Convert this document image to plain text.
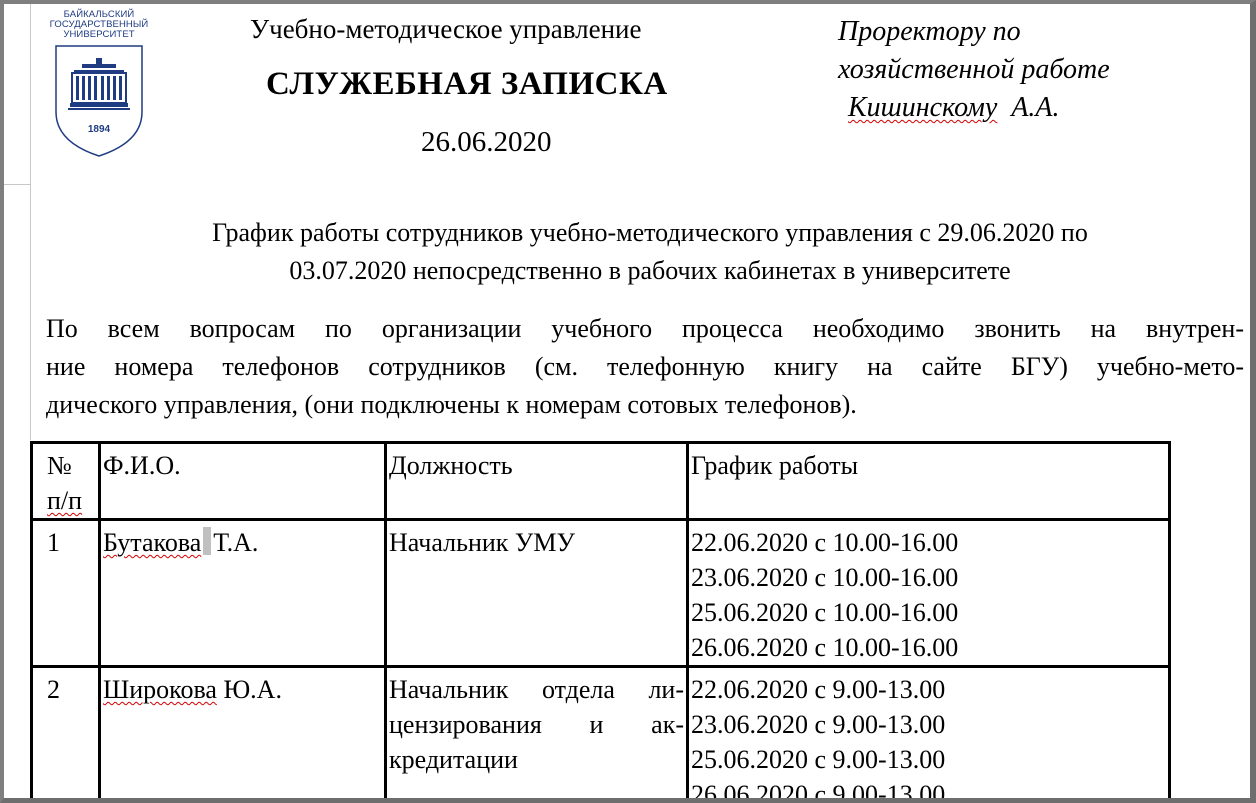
БАЙКАЛЬСКИЙ
ГОСУДАРСТВЕННЫЙ
УНИВЕРСИТЕТ
1894
Учебно-методическое управление
СЛУЖЕБНАЯ ЗАПИСКА
26.06.2020
Проректору по
хозяйственной работе
Кишинскому А.А.
График работы сотрудников учебно-методического управления с 29.06.2020 по
03.07.2020 непосредственно в рабочих кабинетах в университете
По всем вопросам по организации учебного процесса необходимо звонить на внутрен-
ние номера телефонов сотрудников (см. телефонную книгу на сайте БГУ) учебно-мето-
дического управления, (они подключены к номерам сотовых телефонов).
№
п/п	Ф.И.О.	Должность	График работы
1	Бутакова Т.А.	Начальник УМУ	22.06.2020 с 10.00-16.00
23.06.2020 с 10.00-16.00
25.06.2020 с 10.00-16.00
26.06.2020 с 10.00-16.00

2	Широкова Ю.А.	Начальник отдела ли-
цензирования и ак-
кредитации	22.06.2020 с 9.00-13.00
23.06.2020 с 9.00-13.00
25.06.2020 с 9.00-13.00
26.06.2020 с 9.00-13.00
